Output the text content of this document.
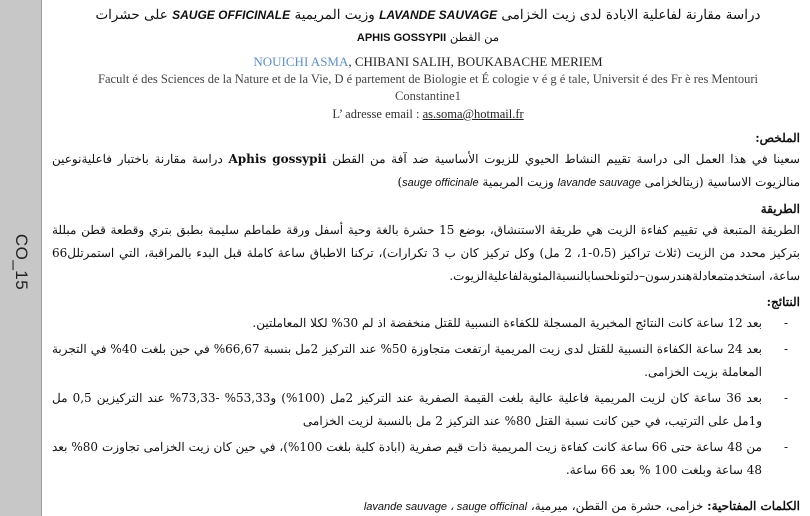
CO_15
دراسة مقارنة لفاعلية الابادة لدى زيت الخزامى LAVANDE SAUVAGE وزيت المريمية SAUGE OFFICINALE على حشرات
من القطن APHIS GOSSYPII
NOUICHI ASMA, CHIBANI SALIH, BOUKABACHE MERIEM
Facult é des Sciences de la Nature et de la Vie, D é partement de Biologie et É cologie v é g é tale, Universit é des Fr è res Mentouri Constantine1
L’ adresse email : as.soma@hotmail.fr
الملخص:
سعينا في هذا العمل الى دراسة تقييم النشاط الحيوي للزيوت الأساسية ضد آفة من القطن Aphis gossypii دراسة مقارنة باختبار فاعليةنوعين منالزيوت الاساسية (زيتالخزامى lavande sauvage وزيت المريمية sauge officinale)
الطريقة
الطريقة المتبعة في تقييم كفاءة الزيت هي طريقة الاستنشاق، بوضع 15 حشرة بالغة وحية أسفل ورقة طماطم سليمة بطبق بتري وقطعة قطن مبللة بتركيز محدد من الزيت (ثلاث تراكيز (0،5-1، 2 مل) وكل تركيز كان ب 3 تكرارات)، تركنا الاطباق ساعة كاملة قبل البدء بالمراقبة، التي استمرتلل66 ساعة، استخدمتمعادلةهندرسون–دلتونلحسابالنسبةالمئويةلفاعليةالزيوت.
النتائج:
-
بعد 12 ساعة كانت النتائج المخبرية المسجلة للكفاءة النسبية للقتل منخفضة اذ لم 30% لكلا المعاملتين.
-
بعد 24 ساعة الكفاءة النسبية للقتل لدى زيت المريمية ارتفعت متجاوزة 50% عند التركيز 2مل بنسبة 66,67% في حين بلغت 40% في التجربة المعاملة بزيت الخزامى.
-
بعد 36 ساعة كان لزيت المريمية فاعلية عالية بلغت القيمة الصفرية عند التركيز 2مل (100%) و53,33% -73,33% عند التركيزين 0,5 مل و1مل على الترتيب، في حين كانت نسبة القتل 80% عند التركيز 2 مل بالنسبة لزيت الخزامى
-
من 48 ساعة حتى 66 ساعة كانت كفاءة زيت المريمية ذات قيم صفرية (ابادة كلية بلغت 100%)، في حين كان زيت الخزامى تجاوزت 80% بعد 48 ساعة وبلغت 100 % بعد 66 ساعة.
الكلمات المفتاحية: خزامى، حشرة من القطن، ميرمية، lavande sauvage ، sauge officinal
